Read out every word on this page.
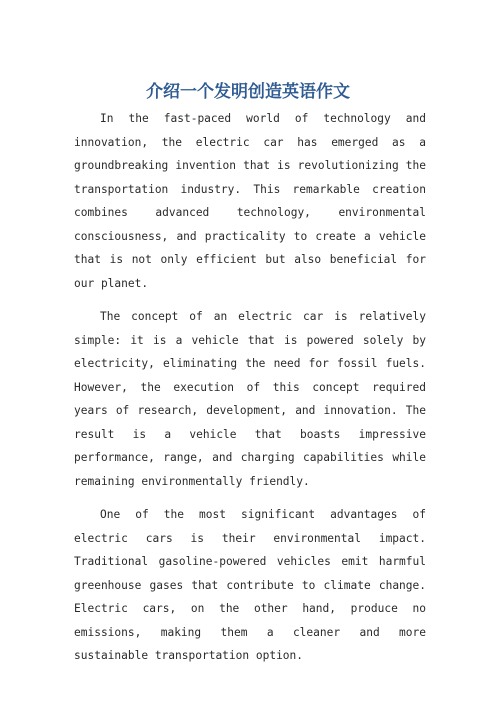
介绍一个发明创造英语作文

In the fast-paced world of technology and innovation, the electric car has emerged as a groundbreaking invention that is revolutionizing the transportation industry. This remarkable creation combines advanced technology, environmental consciousness, and practicality to create a vehicle that is not only efficient but also beneficial for our planet.

The concept of an electric car is relatively simple: it is a vehicle that is powered solely by electricity, eliminating the need for fossil fuels. However, the execution of this concept required years of research, development, and innovation. The result is a vehicle that boasts impressive performance, range, and charging capabilities while remaining environmentally friendly.

One of the most significant advantages of electric cars is their environmental impact. Traditional gasoline-powered vehicles emit harmful greenhouse gases that contribute to climate change. Electric cars, on the other hand, produce no emissions, making them a cleaner and more sustainable transportation option.
